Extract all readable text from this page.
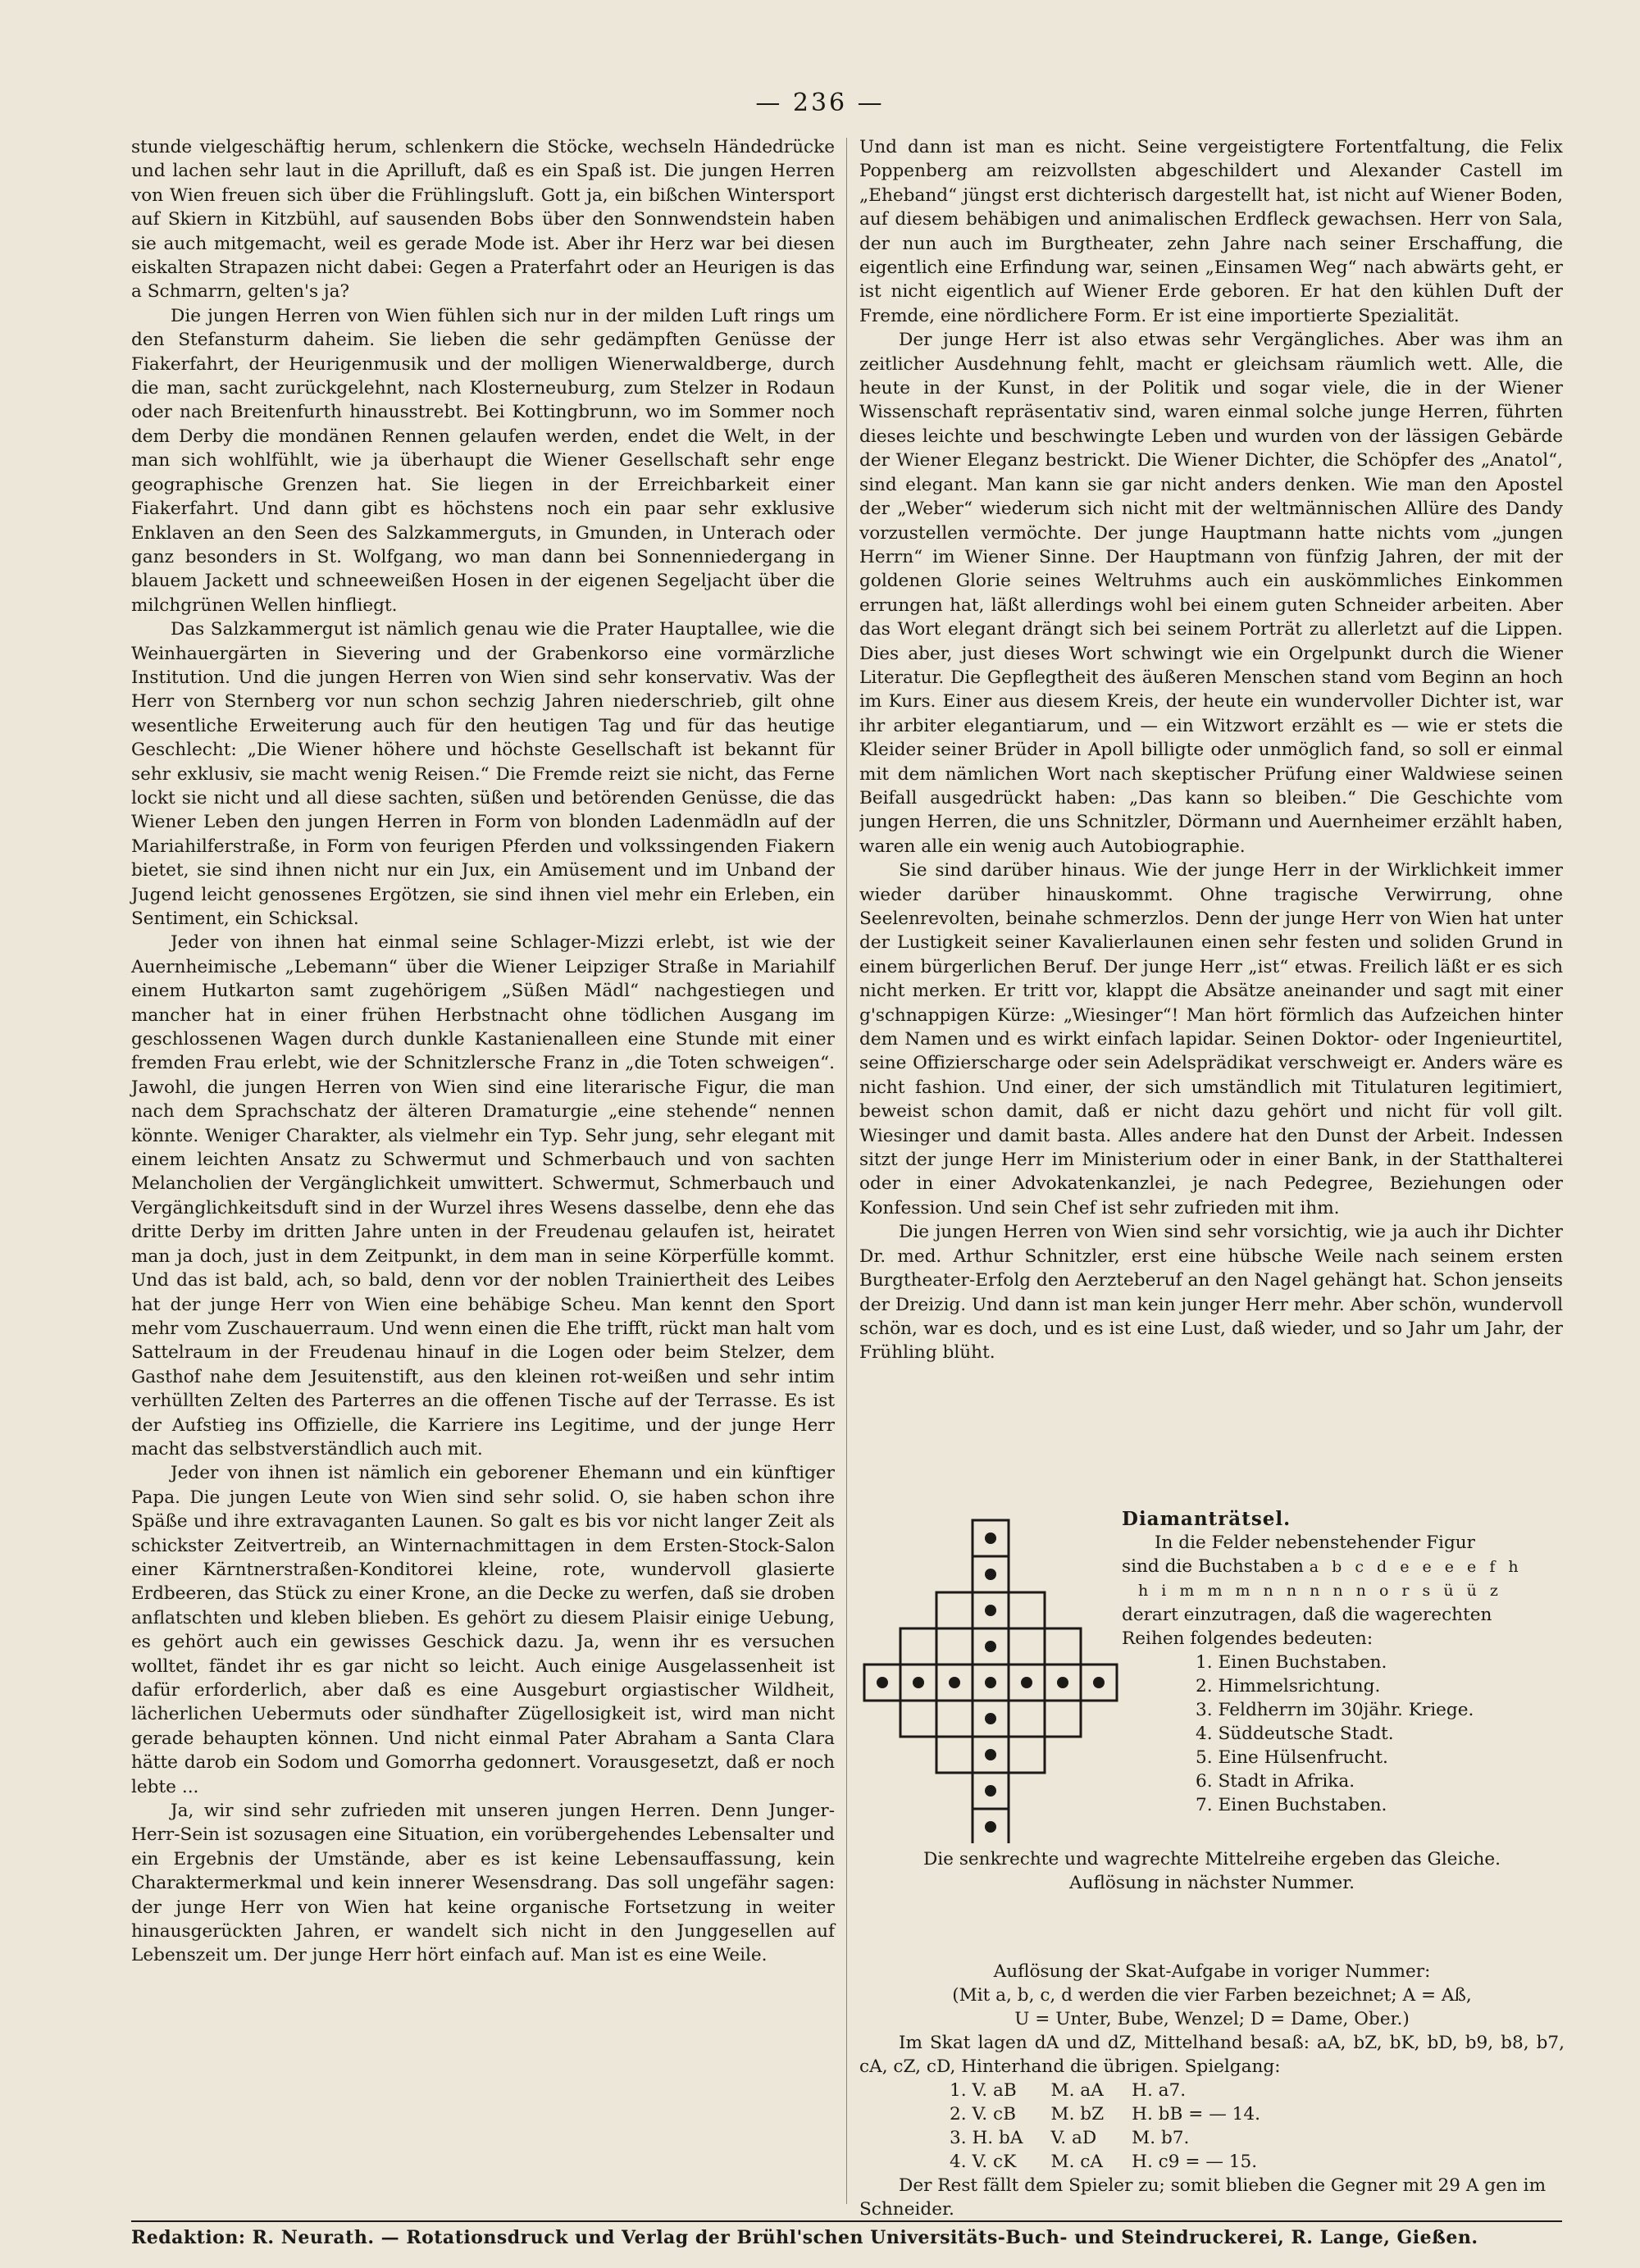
— 236 —

stunde vielgeschäftig herum, schlenkern die Stöcke, wechseln Händedrücke und lachen sehr laut in die Aprilluft, daß es ein Spaß ist. Die jungen Herren von Wien freuen sich über die Frühlingsluft. Gott ja, ein bißchen Wintersport auf Skiern in Kitzbühl, auf sausenden Bobs über den Sonnwendstein haben sie auch mitgemacht, weil es gerade Mode ist. Aber ihr Herz war bei diesen eiskalten Strapazen nicht dabei: Gegen a Praterfahrt oder an Heurigen is das a Schmarrn, gelten's ja?

Die jungen Herren von Wien fühlen sich nur in der milden Luft rings um den Stefansturm daheim. Sie lieben die sehr gedämpften Genüsse der Fiakerfahrt, der Heurigenmusik und der molligen Wienerwaldberge, durch die man, sacht zurückgelehnt, nach Klosterneuburg, zum Stelzer in Rodaun oder nach Breitenfurth hinausstrebt. Bei Kottingbrunn, wo im Sommer noch dem Derby die mondänen Rennen gelaufen werden, endet die Welt, in der man sich wohlfühlt, wie ja überhaupt die Wiener Gesellschaft sehr enge geographische Grenzen hat. Sie liegen in der Erreichbarkeit einer Fiakerfahrt. Und dann gibt es höchstens noch ein paar sehr exklusive Enklaven an den Seen des Salzkammerguts, in Gmunden, in Unterach oder ganz besonders in St. Wolfgang, wo man dann bei Sonnenniedergang in blauem Jackett und schneeweißen Hosen in der eigenen Segeljacht über die milchgrünen Wellen hinfliegt.

Das Salzkammergut ist nämlich genau wie die Prater Hauptallee, wie die Weinhauergärten in Sievering und der Grabenkorso eine vormärzliche Institution. Und die jungen Herren von Wien sind sehr konservativ. Was der Herr von Sternberg vor nun schon sechzig Jahren niederschrieb, gilt ohne wesentliche Erweiterung auch für den heutigen Tag und für das heutige Geschlecht: „Die Wiener höhere und höchste Gesellschaft ist bekannt für sehr exklusiv, sie macht wenig Reisen.“ Die Fremde reizt sie nicht, das Ferne lockt sie nicht und all diese sachten, süßen und betörenden Genüsse, die das Wiener Leben den jungen Herren in Form von blonden Ladenmädln auf der Mariahilferstraße, in Form von feurigen Pferden und volkssingenden Fiakern bietet, sie sind ihnen nicht nur ein Jux, ein Amüsement und im Unband der Jugend leicht genossenes Ergötzen, sie sind ihnen viel mehr ein Erleben, ein Sentiment, ein Schicksal.

Jeder von ihnen hat einmal seine Schlager-Mizzi erlebt, ist wie der Auernheimische „Lebemann“ über die Wiener Leipziger Straße in Mariahilf einem Hutkarton samt zugehörigem „Süßen Mädl“ nachgestiegen und mancher hat in einer frühen Herbstnacht ohne tödlichen Ausgang im geschlossenen Wagen durch dunkle Kastanienalleen eine Stunde mit einer fremden Frau erlebt, wie der Schnitzlersche Franz in „die Toten schweigen“. Jawohl, die jungen Herren von Wien sind eine literarische Figur, die man nach dem Sprachschatz der älteren Dramaturgie „eine stehende“ nennen könnte. Weniger Charakter, als vielmehr ein Typ. Sehr jung, sehr elegant mit einem leichten Ansatz zu Schwermut und Schmerbauch und von sachten Melancholien der Vergänglichkeit umwittert. Schwermut, Schmerbauch und Vergänglichkeitsduft sind in der Wurzel ihres Wesens dasselbe, denn ehe das dritte Derby im dritten Jahre unten in der Freudenau gelaufen ist, heiratet man ja doch, just in dem Zeitpunkt, in dem man in seine Körperfülle kommt. Und das ist bald, ach, so bald, denn vor der noblen Trainiertheit des Leibes hat der junge Herr von Wien eine behäbige Scheu. Man kennt den Sport mehr vom Zuschauerraum. Und wenn einen die Ehe trifft, rückt man halt vom Sattelraum in der Freudenau hinauf in die Logen oder beim Stelzer, dem Gasthof nahe dem Jesuitenstift, aus den kleinen rot-weißen und sehr intim verhüllten Zelten des Parterres an die offenen Tische auf der Terrasse. Es ist der Aufstieg ins Offizielle, die Karriere ins Legitime, und der junge Herr macht das selbstverständlich auch mit.

Jeder von ihnen ist nämlich ein geborener Ehemann und ein künftiger Papa. Die jungen Leute von Wien sind sehr solid. O, sie haben schon ihre Späße und ihre extravaganten Launen. So galt es bis vor nicht langer Zeit als schickster Zeitvertreib, an Winternachmittagen in dem Ersten-Stock-Salon einer Kärntnerstraßen-Konditorei kleine, rote, wundervoll glasierte Erdbeeren, das Stück zu einer Krone, an die Decke zu werfen, daß sie droben anflatschten und kleben blieben. Es gehört zu diesem Plaisir einige Uebung, es gehört auch ein gewisses Geschick dazu. Ja, wenn ihr es versuchen wolltet, fändet ihr es gar nicht so leicht. Auch einige Ausgelassenheit ist dafür erforderlich, aber daß es eine Ausgeburt orgiastischer Wildheit, lächerlichen Uebermuts oder sündhafter Zügellosigkeit ist, wird man nicht gerade behaupten können. Und nicht einmal Pater Abraham a Santa Clara hätte darob ein Sodom und Gomorrha gedonnert. Vorausgesetzt, daß er noch lebte ...

Ja, wir sind sehr zufrieden mit unseren jungen Herren. Denn Junger-Herr-Sein ist sozusagen eine Situation, ein vorübergehendes Lebensalter und ein Ergebnis der Umstände, aber es ist keine Lebensauffassung, kein Charaktermerkmal und kein innerer Wesensdrang. Das soll ungefähr sagen: der junge Herr von Wien hat keine organische Fortsetzung in weiter hinausgerückten Jahren, er wandelt sich nicht in den Junggesellen auf Lebenszeit um. Der junge Herr hört einfach auf. Man ist es eine Weile.

Und dann ist man es nicht. Seine vergeistigtere Fortentfaltung, die Felix Poppenberg am reizvollsten abgeschildert und Alexander Castell im „Eheband“ jüngst erst dichterisch dargestellt hat, ist nicht auf Wiener Boden, auf diesem behäbigen und animalischen Erdfleck gewachsen. Herr von Sala, der nun auch im Burgtheater, zehn Jahre nach seiner Erschaffung, die eigentlich eine Erfindung war, seinen „Einsamen Weg“ nach abwärts geht, er ist nicht eigentlich auf Wiener Erde geboren. Er hat den kühlen Duft der Fremde, eine nördlichere Form. Er ist eine importierte Spezialität.

Der junge Herr ist also etwas sehr Vergängliches. Aber was ihm an zeitlicher Ausdehnung fehlt, macht er gleichsam räumlich wett. Alle, die heute in der Kunst, in der Politik und sogar viele, die in der Wiener Wissenschaft repräsentativ sind, waren einmal solche junge Herren, führten dieses leichte und beschwingte Leben und wurden von der lässigen Gebärde der Wiener Eleganz bestrickt. Die Wiener Dichter, die Schöpfer des „Anatol“, sind elegant. Man kann sie gar nicht anders denken. Wie man den Apostel der „Weber“ wiederum sich nicht mit der weltmännischen Allüre des Dandy vorzustellen vermöchte. Der junge Hauptmann hatte nichts vom „jungen Herrn“ im Wiener Sinne. Der Hauptmann von fünfzig Jahren, der mit der goldenen Glorie seines Weltruhms auch ein auskömmliches Einkommen errungen hat, läßt allerdings wohl bei einem guten Schneider arbeiten. Aber das Wort elegant drängt sich bei seinem Porträt zu allerletzt auf die Lippen. Dies aber, just dieses Wort schwingt wie ein Orgelpunkt durch die Wiener Literatur. Die Gepflegtheit des äußeren Menschen stand vom Beginn an hoch im Kurs. Einer aus diesem Kreis, der heute ein wundervoller Dichter ist, war ihr arbiter elegantiarum, und — ein Witzwort erzählt es — wie er stets die Kleider seiner Brüder in Apoll billigte oder unmöglich fand, so soll er einmal mit dem nämlichen Wort nach skeptischer Prüfung einer Waldwiese seinen Beifall ausgedrückt haben: „Das kann so bleiben.“ Die Geschichte vom jungen Herren, die uns Schnitzler, Dörmann und Auernheimer erzählt haben, waren alle ein wenig auch Autobiographie.

Sie sind darüber hinaus. Wie der junge Herr in der Wirklichkeit immer wieder darüber hinauskommt. Ohne tragische Verwirrung, ohne Seelenrevolten, beinahe schmerzlos. Denn der junge Herr von Wien hat unter der Lustigkeit seiner Kavalierlaunen einen sehr festen und soliden Grund in einem bürgerlichen Beruf. Der junge Herr „ist“ etwas. Freilich läßt er es sich nicht merken. Er tritt vor, klappt die Absätze aneinander und sagt mit einer g'schnappigen Kürze: „Wiesinger“! Man hört förmlich das Aufzeichen hinter dem Namen und es wirkt einfach lapidar. Seinen Doktor- oder Ingenieurtitel, seine Offizierscharge oder sein Adelsprädikat verschweigt er. Anders wäre es nicht fashion. Und einer, der sich umständlich mit Titulaturen legitimiert, beweist schon damit, daß er nicht dazu gehört und nicht für voll gilt. Wiesinger und damit basta. Alles andere hat den Dunst der Arbeit. Indessen sitzt der junge Herr im Ministerium oder in einer Bank, in der Statthalterei oder in einer Advokatenkanzlei, je nach Pedegree, Beziehungen oder Konfession. Und sein Chef ist sehr zufrieden mit ihm.

Die jungen Herren von Wien sind sehr vorsichtig, wie ja auch ihr Dichter Dr. med. Arthur Schnitzler, erst eine hübsche Weile nach seinem ersten Burgtheater-Erfolg den Aerzteberuf an den Nagel gehängt hat. Schon jenseits der Dreizig. Und dann ist man kein junger Herr mehr. Aber schön, wundervoll schön, war es doch, und es ist eine Lust, daß wieder, und so Jahr um Jahr, der Frühling blüht.

Diamanträtsel.
In die Felder nebenstehender Figur
sind die Buchstaben a b c d e e e e f h
h i m m m n n n n n o r s ü ü z
derart einzutragen, daß die wagerechten
Reihen folgendes bedeuten:
1. Einen Buchstaben.
2. Himmelsrichtung.
3. Feldherrn im 30jähr. Kriege.
4. Süddeutsche Stadt.
5. Eine Hülsenfrucht.
6. Stadt in Afrika.
7. Einen Buchstaben.
Die senkrechte und wagrechte Mittelreihe ergeben das Gleiche.
Auflösung in nächster Nummer.
Auflösung der Skat-Aufgabe in voriger Nummer:
(Mit a, b, c, d werden die vier Farben bezeichnet; A = Aß,
U = Unter, Bube, Wenzel; D = Dame, Ober.)
Im Skat lagen dA und dZ, Mittelhand besaß: aA, bZ, bK, bD, b9, b8, b7, cA, cZ, cD, Hinterhand die übrigen. Spielgang:
1. V. aB	M. aA	H. a7.
2. V. cB	M. bZ	H. bB = — 14.
3. H. bA	V. aD	M. b7.
4. V. cK	M. cA	H. c9 = — 15.
Der Rest fällt dem Spieler zu; somit blieben die Gegner mit 29 A gen im Schneider.
Redaktion: R. Neurath. — Rotationsdruck und Verlag der Brühl'schen Universitäts-Buch- und Steindruckerei, R. Lange, Gießen.
